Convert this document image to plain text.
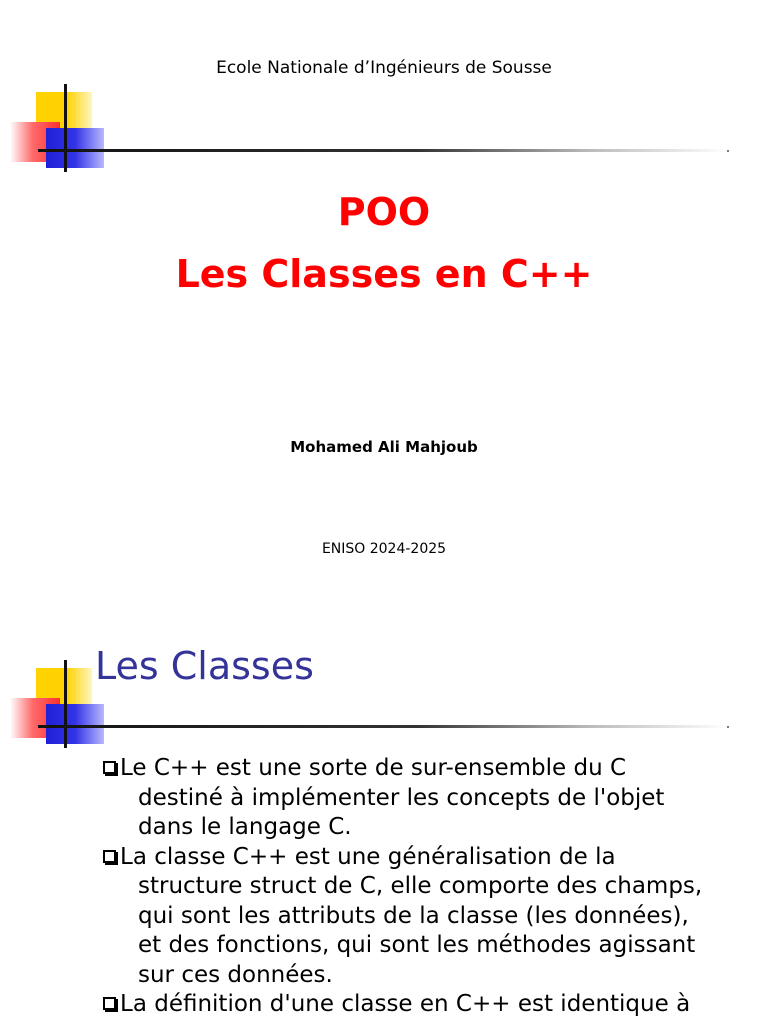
Ecole Nationale d’Ingénieurs de Sousse
POO
Les Classes en C++
Mohamed Ali Mahjoub
ENISO 2024-2025
Les Classes
Le C++ est une sorte de sur-ensemble du C
destiné à implémenter les concepts de l'objet
dans le langage C.
La classe C++ est une généralisation de la
structure struct de C, elle comporte des champs,
qui sont les attributs de la classe (les données),
et des fonctions, qui sont les méthodes agissant
sur ces données.
La définition d'une classe en C++ est identique à
